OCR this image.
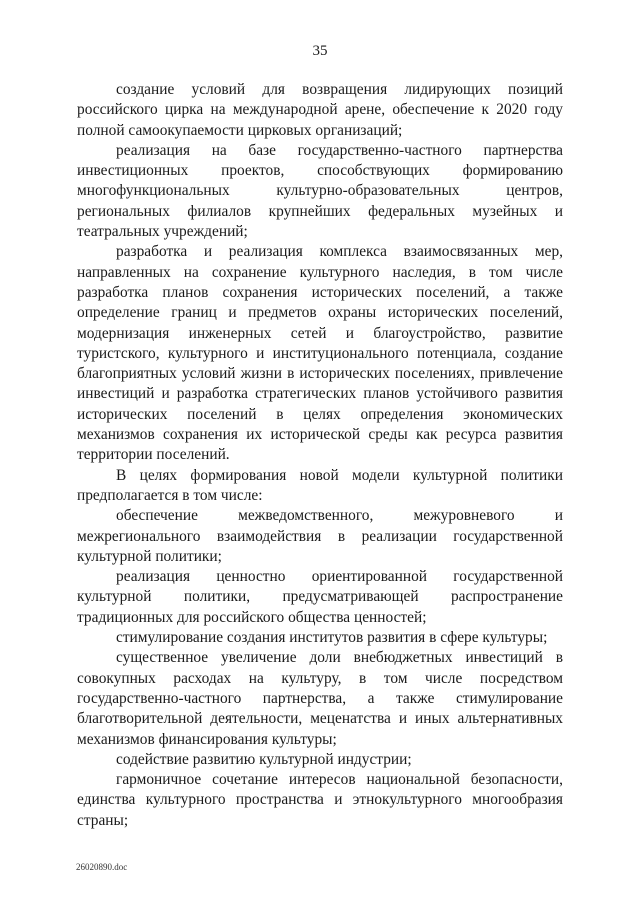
35

создание условий для возвращения лидирующих позиций российского цирка на международной арене, обеспечение к 2020 году полной самоокупаемости цирковых организаций;

реализация на базе государственно-частного партнерства инвестиционных проектов, способствующих формированию многофункциональных культурно-образовательных центров, региональных филиалов крупнейших федеральных музейных и театральных учреждений;

разработка и реализация комплекса взаимосвязанных мер, направленных на сохранение культурного наследия, в том числе разработка планов сохранения исторических поселений, а также определение границ и предметов охраны исторических поселений, модернизация инженерных сетей и благоустройство, развитие туристского, культурного и институционального потенциала, создание благоприятных условий жизни в исторических поселениях, привлечение инвестиций и разработка стратегических планов устойчивого развития исторических поселений в целях определения экономических механизмов сохранения их исторической среды как ресурса развития территории поселений.

В целях формирования новой модели культурной политики предполагается в том числе:

обеспечение межведомственного, межуровневого и межрегионального взаимодействия в реализации государственной культурной политики;

реализация ценностно ориентированной государственной культурной политики, предусматривающей распространение традиционных для российского общества ценностей;

стимулирование создания институтов развития в сфере культуры;

существенное увеличение доли внебюджетных инвестиций в совокупных расходах на культуру, в том числе посредством государственно-частного партнерства, а также стимулирование благотворительной деятельности, меценатства и иных альтернативных механизмов финансирования культуры;

содействие развитию культурной индустрии;

гармоничное сочетание интересов национальной безопасности, единства культурного пространства и этнокультурного многообразия страны;

26020890.doc
